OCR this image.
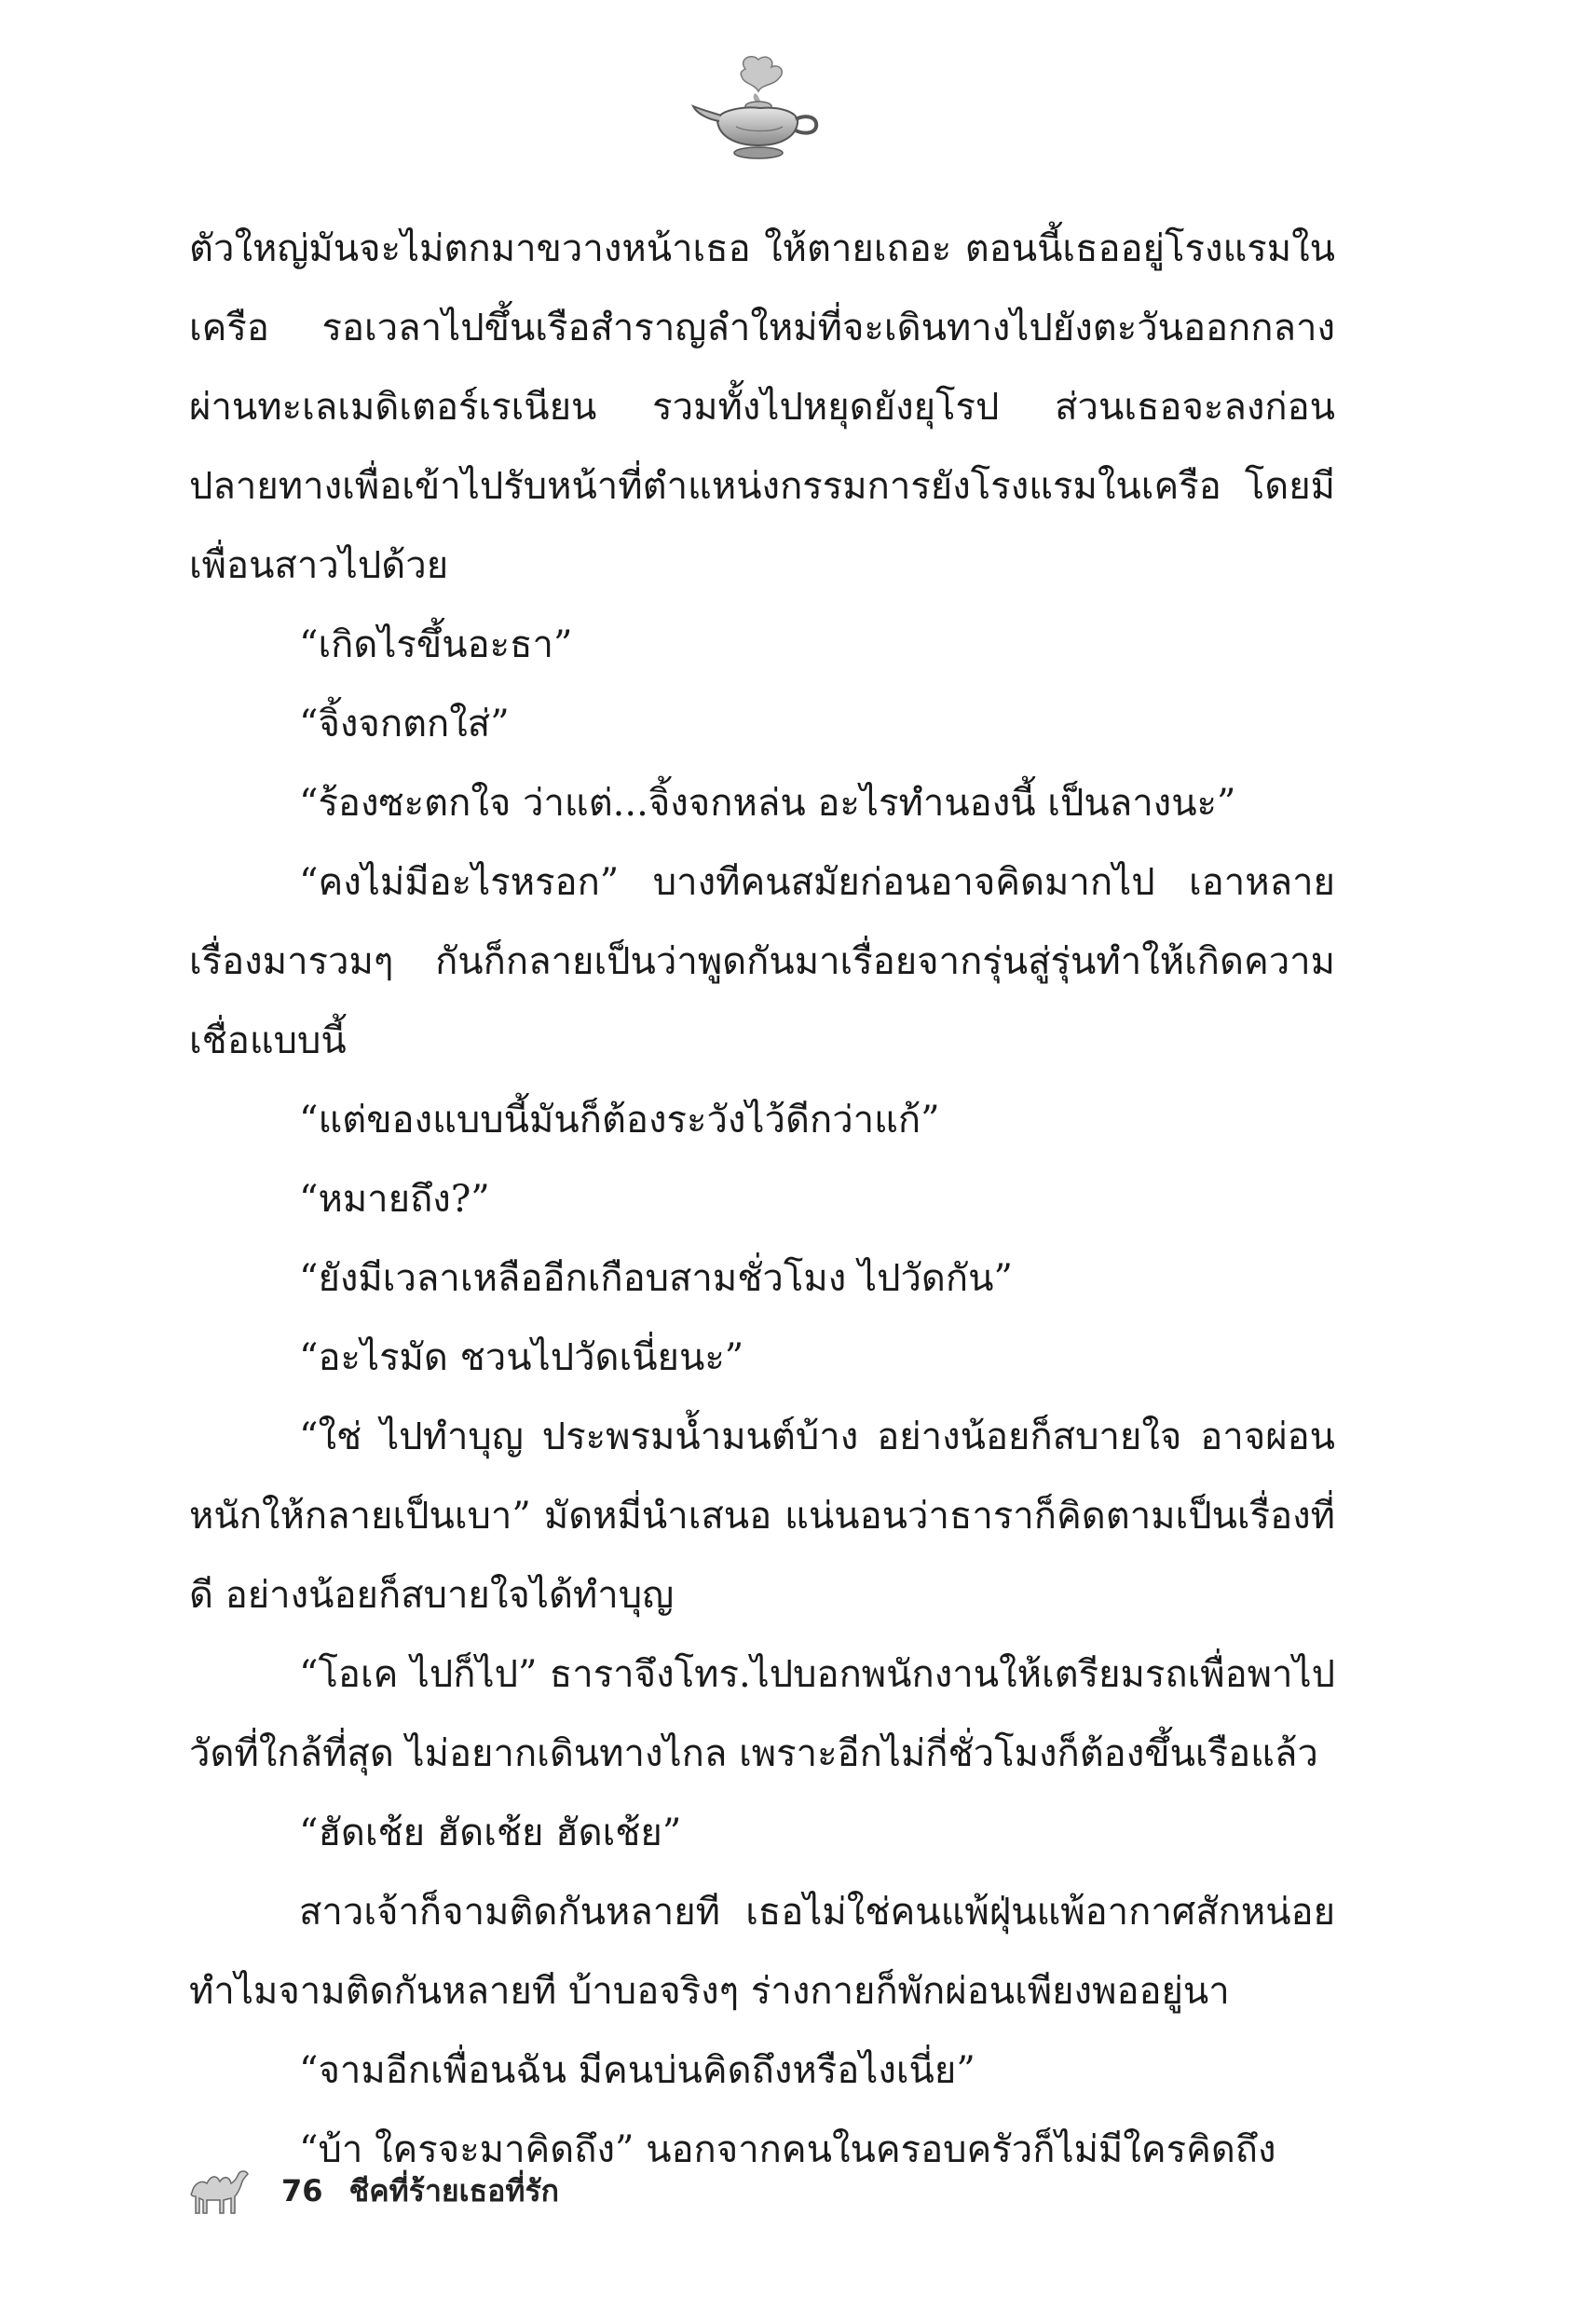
ตัวใหญ่มันจะไม่ตกมาขวางหน้าเธอ ให้ตายเถอะ ตอนนี้เธออยู่โรงแรมในเครือ รอเวลาไปขึ้นเรือสำราญลำใหม่ที่จะเดินทางไปยังตะวันออกกลาง ผ่านทะเลเมดิเตอร์เรเนียน รวมทั้งไปหยุดยังยุโรป ส่วนเธอจะลงก่อนปลายทางเพื่อเข้าไปรับหน้าที่ตำแหน่งกรรมการยังโรงแรมในเครือ โดยมีเพื่อนสาวไปด้วย

“เกิดไรขึ้นอะธา”

“จิ้งจกตกใส่”

“ร้องซะตกใจ ว่าแต่...จิ้งจกหล่น อะไรทำนองนี้ เป็นลางนะ”

“คงไม่มีอะไรหรอก” บางทีคนสมัยก่อนอาจคิดมากไป เอาหลายเรื่องมารวมๆ กันก็กลายเป็นว่าพูดกันมาเรื่อยจากรุ่นสู่รุ่นทำให้เกิดความเชื่อแบบนี้

“แต่ของแบบนี้มันก็ต้องระวังไว้ดีกว่าแก้”

“หมายถึง?”

“ยังมีเวลาเหลืออีกเกือบสามชั่วโมง ไปวัดกัน”

“อะไรมัด ชวนไปวัดเนี่ยนะ”

“ใช่ ไปทำบุญ ประพรมน้ำมนต์บ้าง อย่างน้อยก็สบายใจ อาจผ่อนหนักให้กลายเป็นเบา” มัดหมี่นำเสนอ แน่นอนว่าธาราก็คิดตามเป็นเรื่องที่ดี อย่างน้อยก็สบายใจได้ทำบุญ

“โอเค ไปก็ไป” ธาราจึงโทร.ไปบอกพนักงานให้เตรียมรถเพื่อพาไปวัดที่ใกล้ที่สุด ไม่อยากเดินทางไกล เพราะอีกไม่กี่ชั่วโมงก็ต้องขึ้นเรือแล้ว

“ฮัดเช้ย ฮัดเช้ย ฮัดเช้ย”

สาวเจ้าก็จามติดกันหลายที เธอไม่ใช่คนแพ้ฝุ่นแพ้อากาศสักหน่อยทำไมจามติดกันหลายที บ้าบอจริงๆ ร่างกายก็พักผ่อนเพียงพออยู่นา

“จามอีกเพื่อนฉัน มีคนบ่นคิดถึงหรือไงเนี่ย”

“บ้า ใครจะมาคิดถึง” นอกจากคนในครอบครัวก็ไม่มีใครคิดถึง

76 ชีคที่ร้ายเธอที่รัก
